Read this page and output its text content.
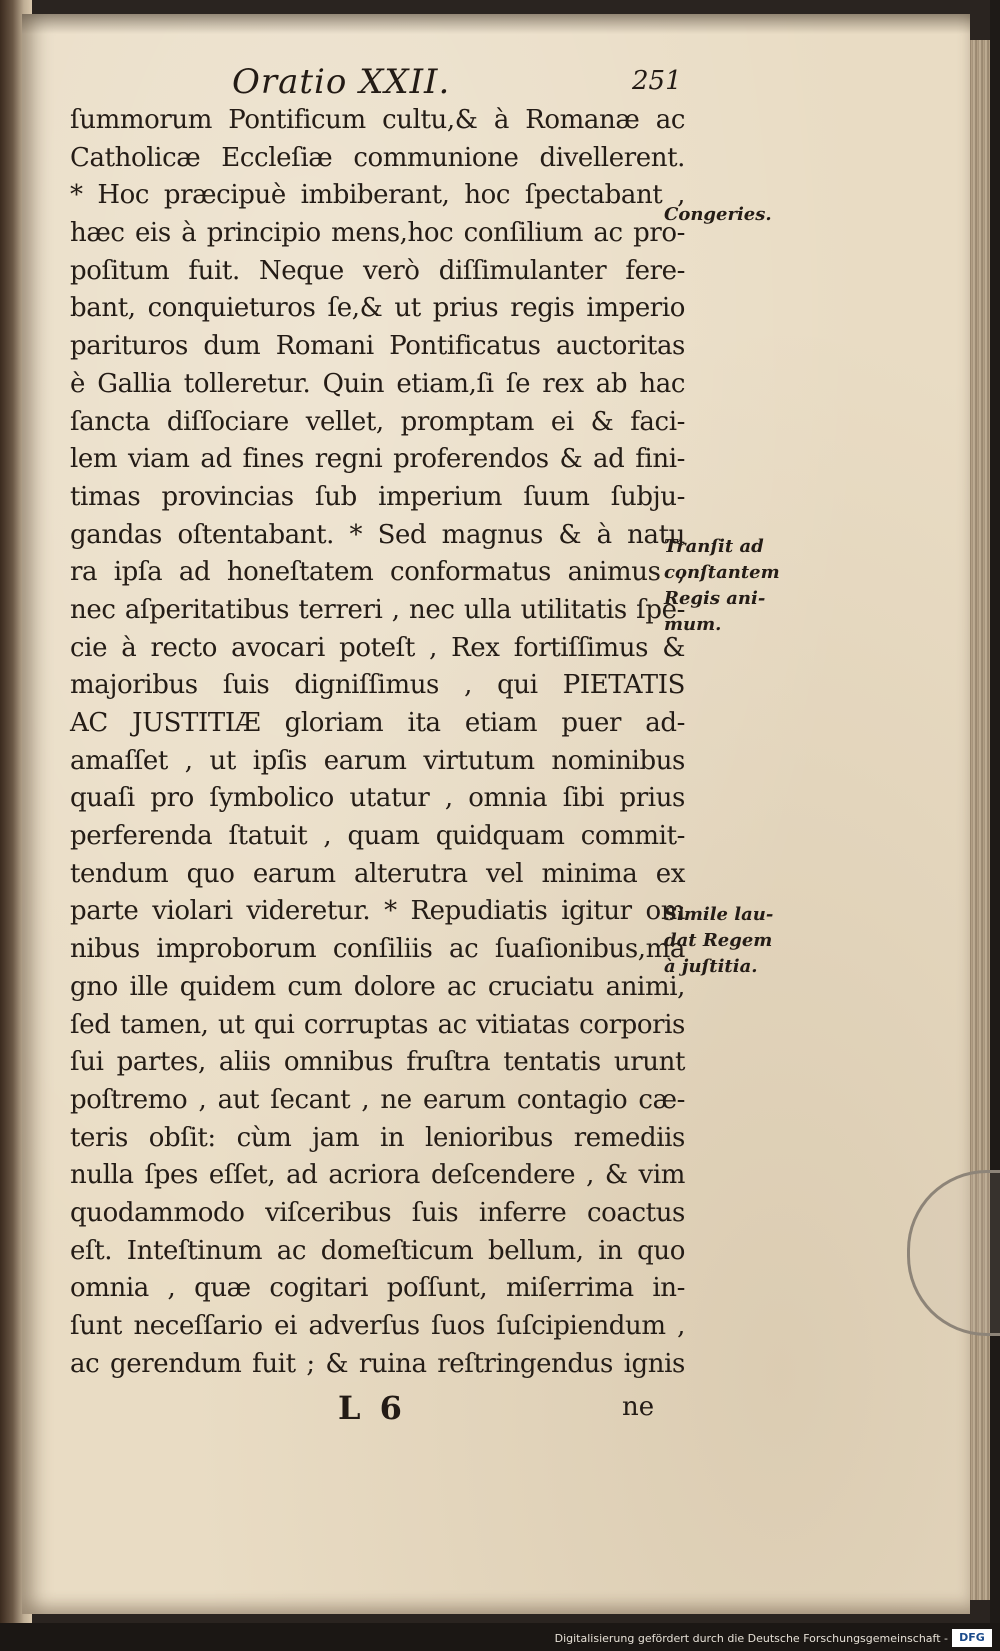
Oratio XXII.	251
ſummorum Pontificum cultu,& à Romanæ ac
Catholicæ Eccleſiæ communione divellerent.
* Hoc præcipuè imbiberant, hoc ſpectabant ,
hæc eis à principio mens,hoc conſilium ac pro-
poſitum fuit. Neque verò diſſimulanter fere-
bant, conquieturos ſe,& ut prius regis imperio
parituros dum Romani Pontificatus auctoritas
è Gallia tolleretur. Quin etiam,ſi ſe rex ab hac
ſancta diſſociare vellet, promptam ei & faci-
lem viam ad fines regni proferendos & ad fini-
timas provincias ſub imperium ſuum ſubju-
gandas oſtentabant. * Sed magnus & à natu
ra ipſa ad honeſtatem conformatus animus ,
nec aſperitatibus terreri , nec ulla utilitatis ſpe-
cie à recto avocari poteſt , Rex fortiſſimus &
majoribus ſuis digniſſimus , qui PIETATIS
AC JUSTITIÆ gloriam ita etiam puer ad-
amaſſet , ut ipſis earum virtutum nominibus
quaſi pro ſymbolico utatur , omnia ſibi prius
perferenda ſtatuit , quam quidquam commit-
tendum quo earum alterutra vel minima ex
parte violari videretur. * Repudiatis igitur om
nibus improborum conſiliis ac ſuaſionibus,ma
gno ille quidem cum dolore ac cruciatu animi,
ſed tamen, ut qui corruptas ac vitiatas corporis
ſui partes, aliis omnibus fruſtra tentatis urunt
poſtremo , aut ſecant , ne earum contagio cæ-
teris obſit: cùm jam in lenioribus remediis
nulla ſpes eſſet, ad acriora deſcendere , & vim
quodammodo viſceribus ſuis inferre coactus
eſt. Inteſtinum ac domeſticum bellum, in quo
omnia , quæ cogitari poſſunt, miſerrima in-
ſunt neceſſario ei adverſus ſuos ſuſcipiendum ,
ac gerendum fuit ; & ruina reſtringendus ignis
Congeries.
Tranſit ad
conſtantem
Regis ani-
mum.
Simile lau-
dat Regem
à juſtitia.
L 6	ne
Digitalisierung gefördert durch die Deutsche Forschungsgemeinschaft -	DFG
